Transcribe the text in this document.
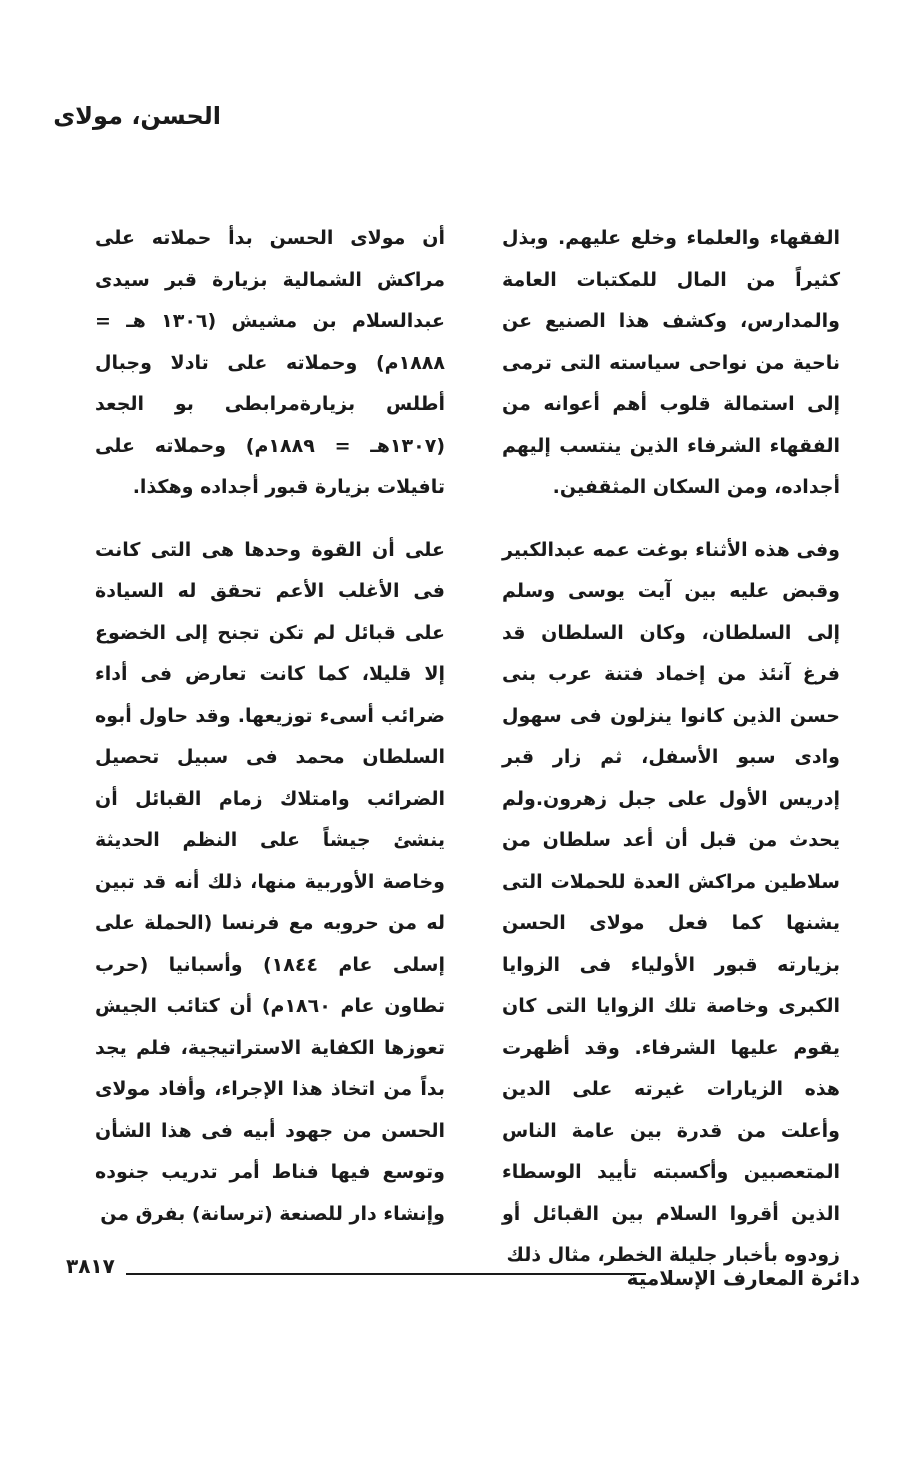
الحسن، مولاى

الفقهاء والعلماء وخلع عليهم. وبذل كثيراً من المال للمكتبات العامة والمدارس، وكشف هذا الصنيع عن ناحية من نواحى سياسته التى ترمى إلى استمالة قلوب أهم أعوانه من الفقهاء الشرفاء الذين ينتسب إليهم أجداده، ومن السكان المثقفين.

وفى هذه الأثناء بوغت عمه عبدالكبير وقبض عليه بين آيت يوسى وسلم إلى السلطان، وكان السلطان قد فرغ آنئذ من إخماد فتنة عرب بنى حسن الذين كانوا ينزلون فى سهول وادى سبو الأسفل، ثم زار قبر إدريس الأول على جبل زهرون.ولم يحدث من قبل أن أعد سلطان من سلاطين مراكش العدة للحملات التى يشنها كما فعل مولاى الحسن بزيارته قبور الأولياء فى الزوايا الكبرى وخاصة تلك الزوايا التى كان يقوم عليها الشرفاء. وقد أظهرت هذه الزيارات غيرته على الدين وأعلت من قدرة بين عامة الناس المتعصبين وأكسبته تأييد الوسطاء الذين أقروا السلام بين القبائل أو زودوه بأخبار جليلة الخطر، مثال ذلك

أن مولاى الحسن بدأ حملاته على مراكش الشمالية بزيارة قبر سيدى عبدالسلام بن مشيش (١٣٠٦ هـ = ١٨٨٨م) وحملاته على تادلا وجبال أطلس بزيارةمرابطى بو الجعد (١٣٠٧هـ = ١٨٨٩م) وحملاته على تافيلات بزيارة قبور أجداده وهكذا.

على أن القوة وحدها هى التى كانت فى الأغلب الأعم تحقق له السيادة على قبائل لم تكن تجنح إلى الخضوع إلا قليلا، كما كانت تعارض فى أداء ضرائب أسىء توزيعها. وقد حاول أبوه السلطان محمد فى سبيل تحصيل الضرائب وامتلاك زمام القبائل أن ينشئ جيشاً على النظم الحديثة وخاصة الأوربية منها، ذلك أنه قد تبين له من حروبه مع فرنسا (الحملة على إسلى عام ١٨٤٤) وأسبانيا (حرب تطاون عام ١٨٦٠م) أن كتائب الجيش تعوزها الكفاية الاستراتيجية، فلم يجد بداً من اتخاذ هذا الإجراء، وأفاد مولاى الحسن من جهود أبيه فى هذا الشأن وتوسع فيها فناط أمر تدريب جنوده وإنشاء دار للصنعة (ترسانة) بفرق من

دائرة المعارف الإسلامية
٣٨١٧
